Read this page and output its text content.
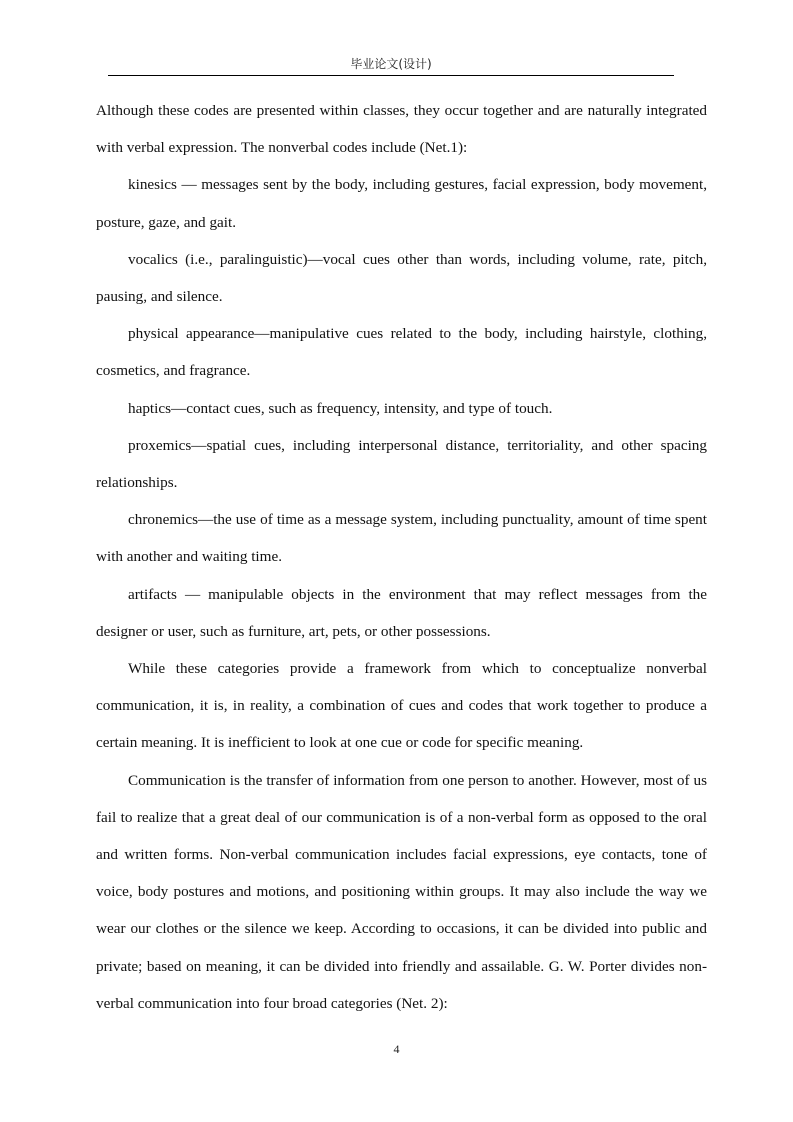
毕业论文(设计)

Although these codes are presented within classes, they occur together and are naturally integrated with verbal expression. The nonverbal codes include (Net.1):

kinesics — messages sent by the body, including gestures, facial expression, body movement, posture, gaze, and gait.

vocalics (i.e., paralinguistic)—vocal cues other than words, including volume, rate, pitch, pausing, and silence.

physical appearance—manipulative cues related to the body, including hairstyle, clothing, cosmetics, and fragrance.

haptics—contact cues, such as frequency, intensity, and type of touch.

proxemics—spatial cues, including interpersonal distance, territoriality, and other spacing relationships.

chronemics—the use of time as a message system, including punctuality, amount of time spent with another and waiting time.

artifacts — manipulable objects in the environment that may reflect messages from the designer or user, such as furniture, art, pets, or other possessions.

While these categories provide a framework from which to conceptualize nonverbal communication, it is, in reality, a combination of cues and codes that work together to produce a certain meaning. It is inefficient to look at one cue or code for specific meaning.

Communication is the transfer of information from one person to another. However, most of us fail to realize that a great deal of our communication is of a non-verbal form as opposed to the oral and written forms. Non-verbal communication includes facial expressions, eye contacts, tone of voice, body postures and motions, and positioning within groups. It may also include the way we wear our clothes or the silence we keep. According to occasions, it can be divided into public and private; based on meaning, it can be divided into friendly and assailable. G. W. Porter divides non-verbal communication into four broad categories (Net. 2):

4
